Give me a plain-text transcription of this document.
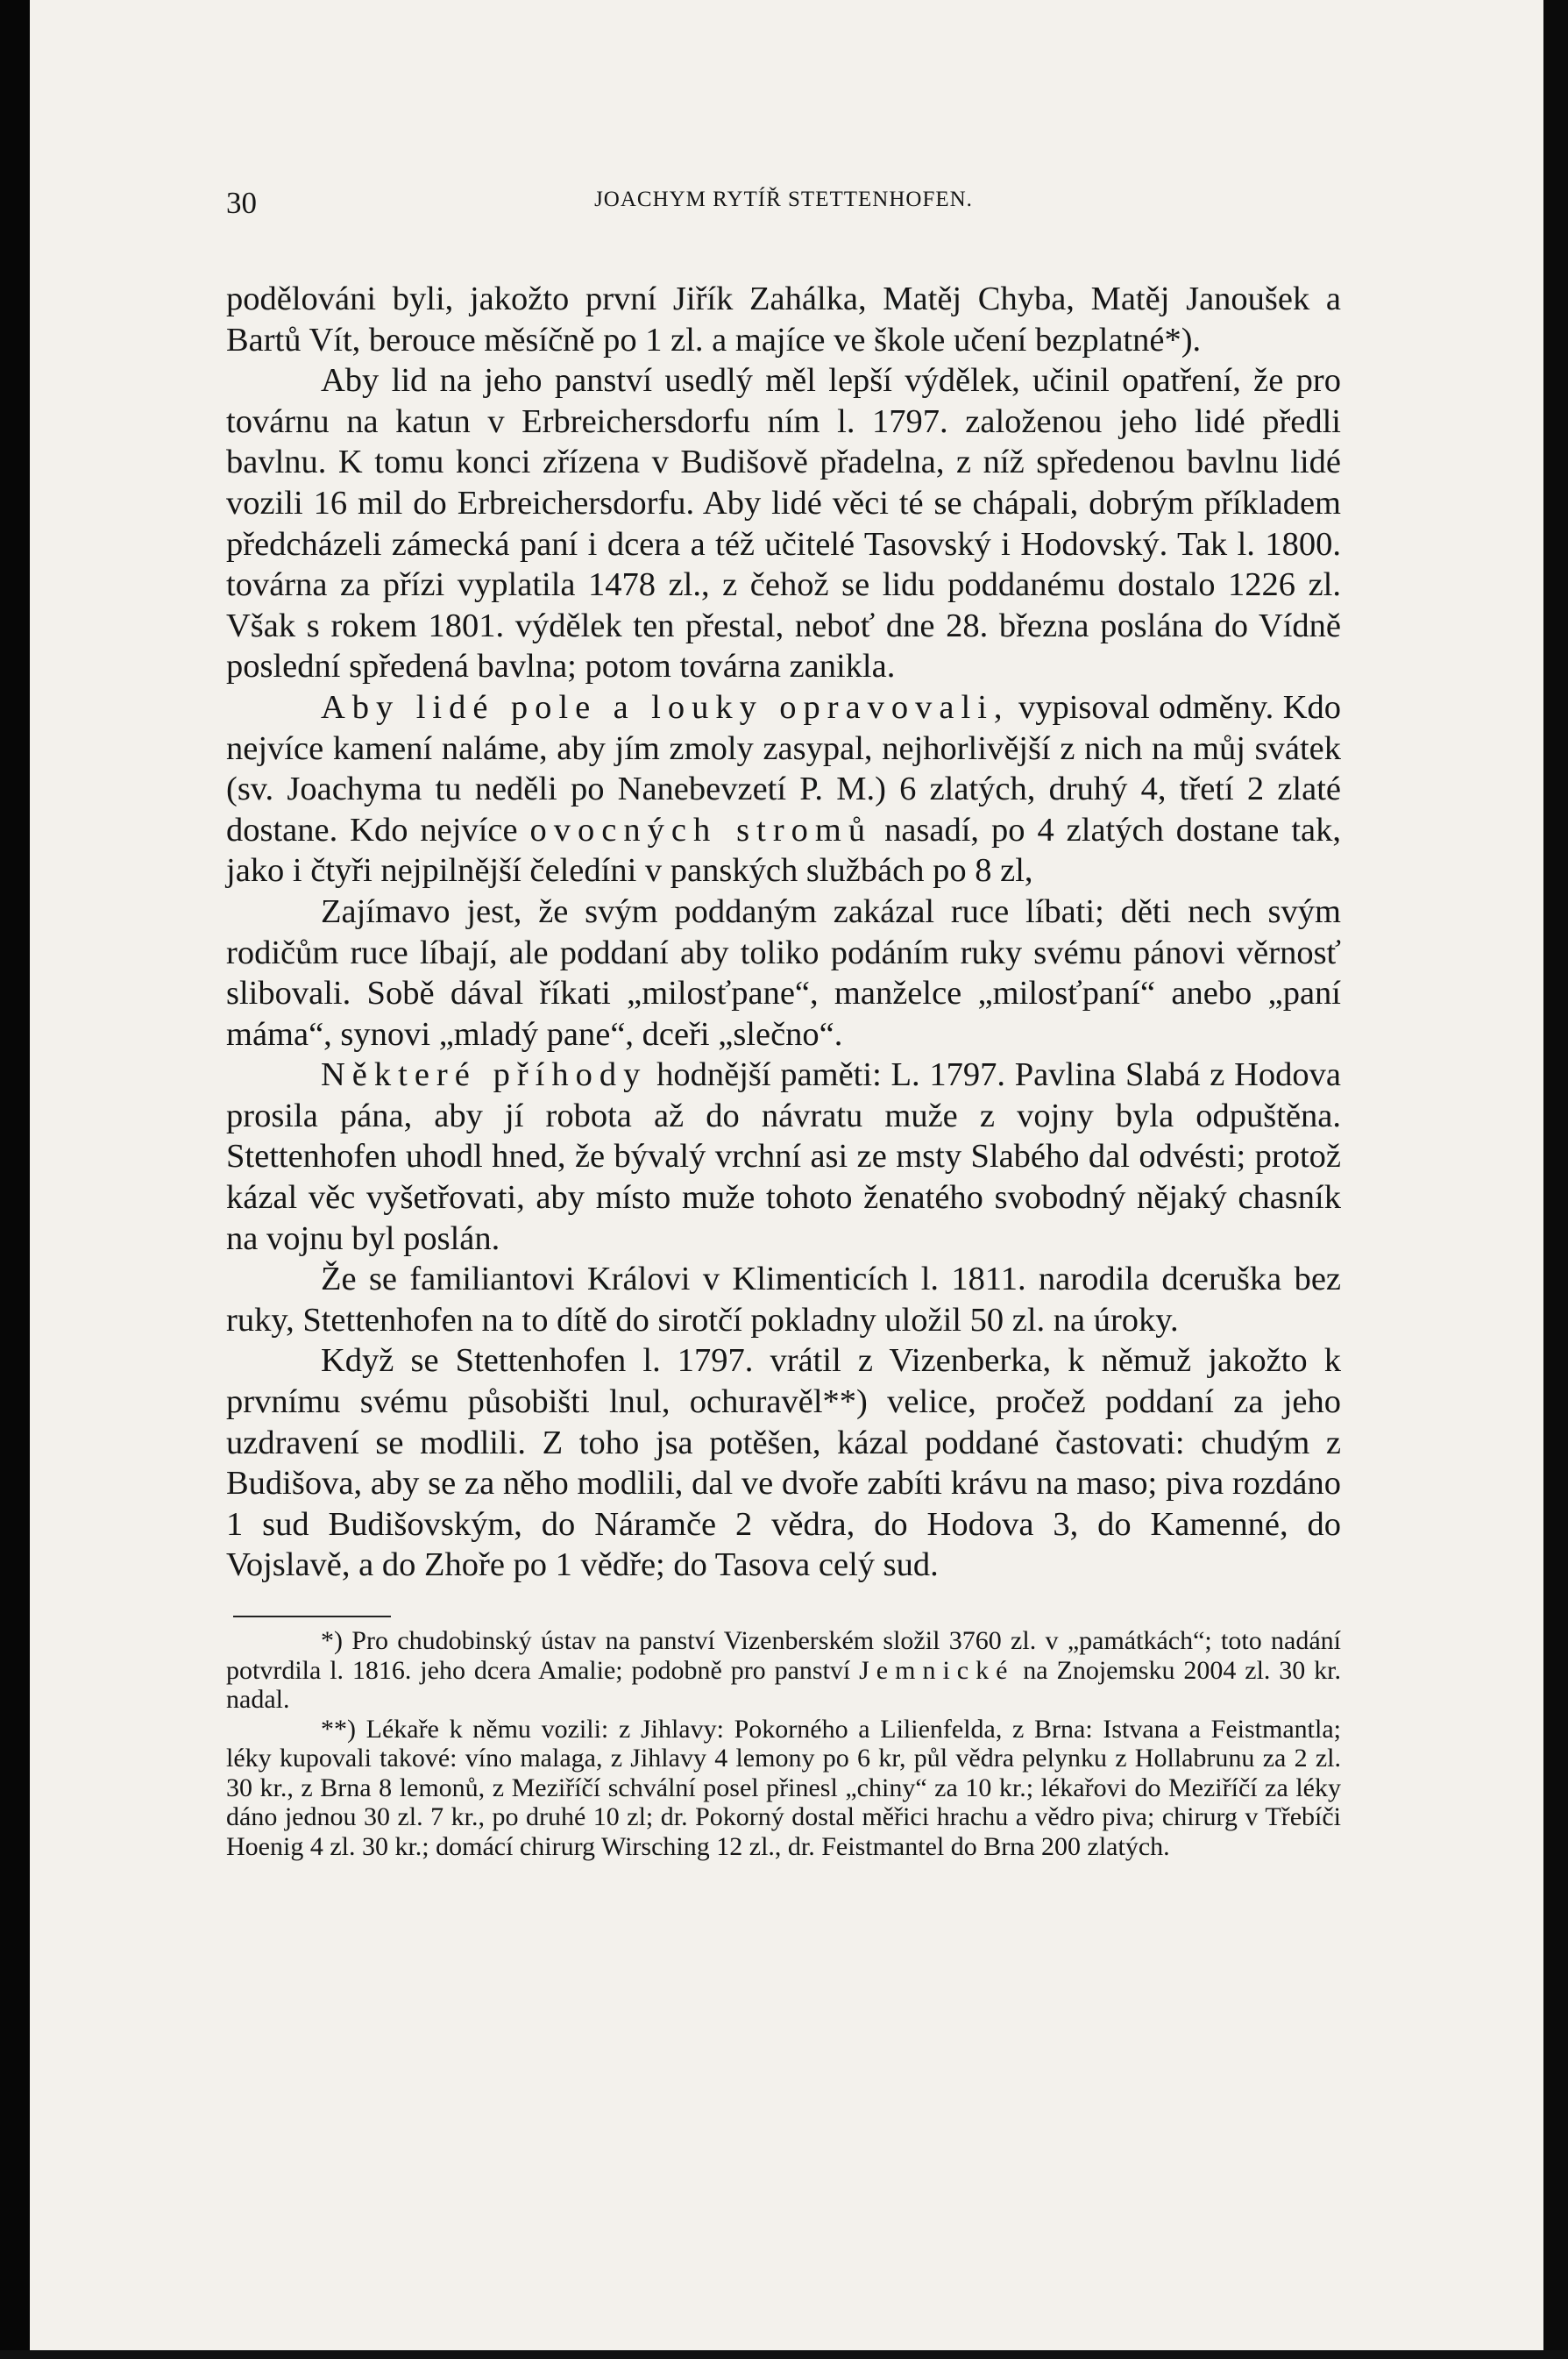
30	JOACHYM RYTÍŘ STETTENHOFEN.

podělováni byli, jakožto první Jiřík Zahálka, Matěj Chyba, Matěj Janoušek a Bartů Vít, berouce měsíčně po 1 zl. a majíce ve škole učení bezplatné*).

Aby lid na jeho panství usedlý měl lepší výdělek, učinil opatření, že pro továrnu na katun v Erbreichersdorfu ním l. 1797. založenou jeho lidé předli bavlnu. K tomu konci zřízena v Budišově přadelna, z níž spředenou bavlnu lidé vozili 16 mil do Erbreichersdorfu. Aby lidé věci té se chápali, dobrým příkladem předcházeli zámecká paní i dcera a též učitelé Tasovský i Hodovský. Tak l. 1800. továrna za přízi vyplatila 1478 zl., z čehož se lidu poddanému dostalo 1226 zl. Však s rokem 1801. výdělek ten přestal, neboť dne 28. března poslána do Vídně poslední spředená bavlna; potom továrna zanikla.

Aby lidé pole a louky opravovali, vypisoval odměny. Kdo nejvíce kamení naláme, aby jím zmoly zasypal, nejhorlivější z nich na můj svátek (sv. Joachyma tu neděli po Nanebevzetí P. M.) 6 zlatých, druhý 4, třetí 2 zlaté dostane. Kdo nejvíce ovocných stromů nasadí, po 4 zlatých dostane tak, jako i čtyři nejpilnější čeledíni v panských službách po 8 zl,

Zajímavo jest, že svým poddaným zakázal ruce líbati; děti nech svým rodičům ruce líbají, ale poddaní aby toliko podáním ruky svému pánovi věrnosť slibovali. Sobě dával říkati „milosťpane“, manželce „milosťpaní“ anebo „paní máma“, synovi „mladý pane“, dceři „slečno“.

Některé příhody hodnější paměti: L. 1797. Pavlina Slabá z Hodova prosila pána, aby jí robota až do návratu muže z vojny byla odpuštěna. Stettenhofen uhodl hned, že bývalý vrchní asi ze msty Slabého dal odvésti; protož kázal věc vyšetřovati, aby místo muže tohoto ženatého svobodný nějaký chasník na vojnu byl poslán.

Že se familiantovi Královi v Klimenticích l. 1811. narodila dceruška bez ruky, Stettenhofen na to dítě do sirotčí pokladny uložil 50 zl. na úroky.

Když se Stettenhofen l. 1797. vrátil z Vizenberka, k němuž jakožto k prvnímu svému působišti lnul, ochuravěl**) velice, pročež poddaní za jeho uzdravení se modlili. Z toho jsa potěšen, kázal poddané častovati: chudým z Budišova, aby se za něho modlili, dal ve dvoře zabíti krávu na maso; piva rozdáno 1 sud Budišovským, do Náramče 2 vědra, do Hodova 3, do Kamenné, do Vojslavě, a do Zhoře po 1 vědře; do Tasova celý sud.

*) Pro chudobinský ústav na panství Vizenberském složil 3760 zl. v „památkách“; toto nadání potvrdila l. 1816. jeho dcera Amalie; podobně pro panství Jemnické na Znojemsku 2004 zl. 30 kr. nadal.

**) Lékaře k němu vozili: z Jihlavy: Pokorného a Lilienfelda, z Brna: Istvana a Feistmantla; léky kupovali takové: víno malaga, z Jihlavy 4 lemony po 6 kr, půl vědra pelynku z Hollabrunu za 2 zl. 30 kr., z Brna 8 lemonů, z Meziříčí schvální posel přinesl „chiny“ za 10 kr.; lékařovi do Meziříčí za léky dáno jednou 30 zl. 7 kr., po druhé 10 zl; dr. Pokorný dostal měřici hrachu a vědro piva; chirurg v Třebíči Hoenig 4 zl. 30 kr.; domácí chirurg Wirsching 12 zl., dr. Feistmantel do Brna 200 zlatých.
